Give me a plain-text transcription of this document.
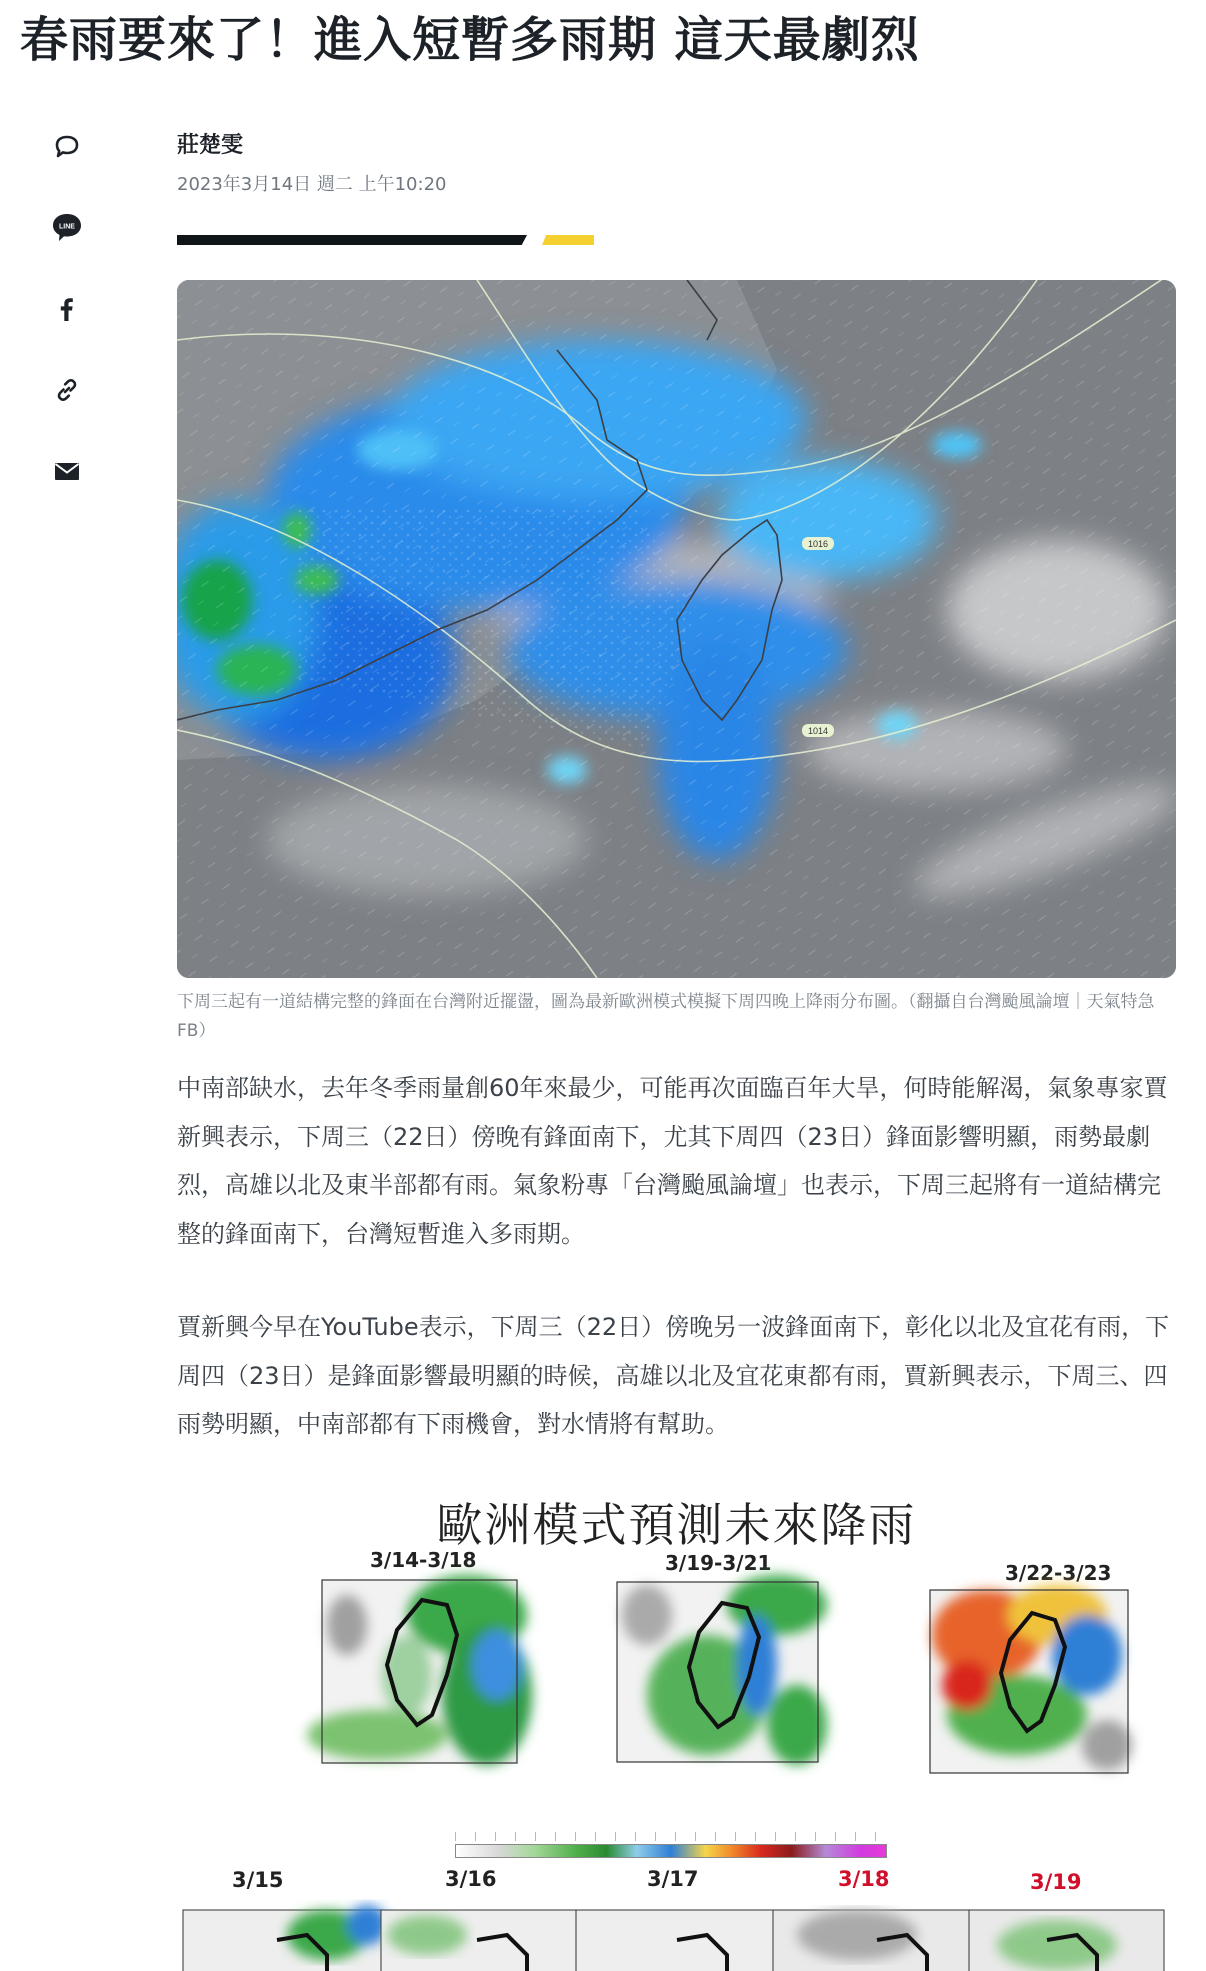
春雨要來了！進入短暫多雨期 這天最劇烈
LINE
莊楚雯
2023年3月14日 週二 上午10:20
1016
1014
下周三起有一道結構完整的鋒面在台灣附近擺盪，圖為最新歐洲模式模擬下周四晚上降雨分布圖。（翻攝自台灣颱風論壇｜天氣特急FB）
中南部缺水，去年冬季雨量創60年來最少，可能再次面臨百年大旱，何時能解渴，氣象專家賈新興表示，下周三（22日）傍晚有鋒面南下，尤其下周四（23日）鋒面影響明顯，雨勢最劇烈，高雄以北及東半部都有雨。氣象粉專「台灣颱風論壇」也表示，下周三起將有一道結構完整的鋒面南下，台灣短暫進入多雨期。
賈新興今早在YouTube表示，下周三（22日）傍晚另一波鋒面南下，彰化以北及宜花有雨，下周四（23日）是鋒面影響最明顯的時候，高雄以北及宜花東都有雨，賈新興表示，下周三、四雨勢明顯，中南部都有下雨機會，對水情將有幫助。
歐洲模式預測未來降雨
3/14-3/18	3/19-3/21	3/22-3/23
3/15	3/16	3/17	3/18	3/19
